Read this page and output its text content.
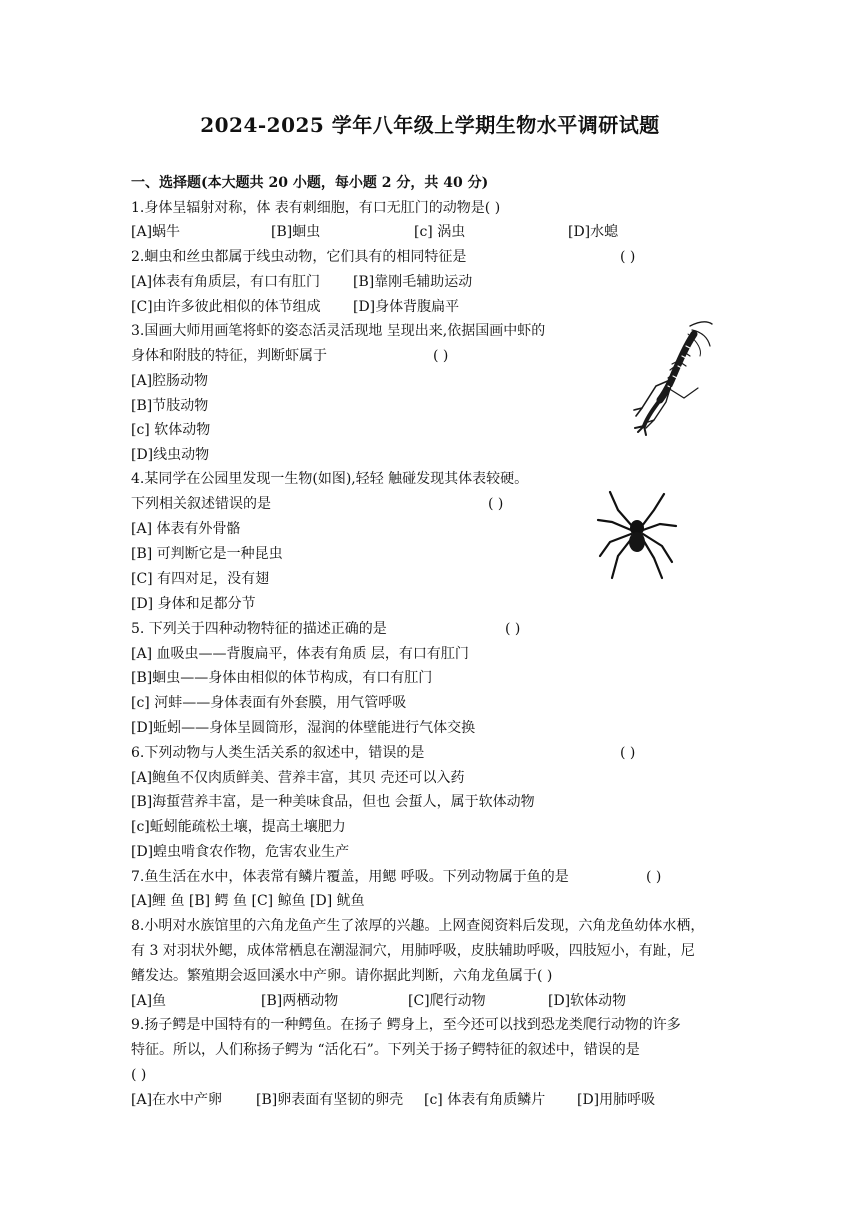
2024-2025 学年八年级上学期生物水平调研试题
一、选择题(本大题共 20 小题，每小题 2 分，共 40 分)
1.身体呈辐射对称，体 表有刺细胞，有口无肛门的动物是( )
[A]蜗牛	[B]蛔虫	[c] 涡虫	[D]水螅
2.蛔虫和丝虫都属于线虫动物，它们具有的相同特征是	( )
[A]体表有角质层，有口有肛门 [B]靠刚毛辅助运动
[C]由许多彼此相似的体节组成 [D]身体背腹扁平
3.国画大师用画笔将虾的姿态活灵活现地 呈现出来,依据国画中虾的
身体和附肢的特征，判断虾属于	( )
[A]腔肠动物
[B]节肢动物
[c] 软体动物
[D]线虫动物
4.某同学在公园里发现一生物(如图),轻轻 触碰发现其体表较硬。
下列相关叙述错误的是	( )
[A] 体表有外骨骼
[B] 可判断它是一种昆虫
[C] 有四对足，没有翅
[D] 身体和足都分节
5. 下列关于四种动物特征的描述正确的是	( )
[A] 血吸虫——背腹扁平，体表有角质 层，有口有肛门
[B]蛔虫——身体由相似的体节构成，有口有肛门
[c] 河蚌——身体表面有外套膜，用气管呼吸
[D]蚯蚓——身体呈圆筒形，湿润的体壁能进行气体交换
6.下列动物与人类生活关系的叙述中，错误的是	( )
[A]鲍鱼不仅肉质鲜美、营养丰富，其贝 壳还可以入药
[B]海蜇营养丰富，是一种美味食品，但也 会蜇人，属于软体动物
[c]蚯蚓能疏松土壤，提高土壤肥力
[D]蝗虫啃食农作物，危害农业生产
7.鱼生活在水中，体表常有鳞片覆盖，用鳃 呼吸。下列动物属于鱼的是	( )
[A]鲤 鱼 [B] 鳄 鱼 [C] 鲸鱼 [D] 鱿鱼
8.小明对水族馆里的六角龙鱼产生了浓厚的兴趣。上网查阅资料后发现，六角龙鱼幼体水栖，
有 3 对羽状外鳃，成体常栖息在潮湿洞穴，用肺呼吸，皮肤辅助呼吸，四肢短小，有趾，尼
鳍发达。繁殖期会返回溪水中产卵。请你据此判断，六角龙鱼属于( )
[A]鱼	[B]两栖动物	[C]爬行动物	[D]软体动物
9.扬子鳄是中国特有的一种鳄鱼。在扬子 鳄身上，至今还可以找到恐龙类爬行动物的许多
特征。所以，人们称扬子鳄为 “活化石”。下列关于扬子鳄特征的叙述中，错误的是
( )
[A]在水中产卵 [B]卵表面有坚韧的卵壳 [c] 体表有角质鳞片 [D]用肺呼吸
